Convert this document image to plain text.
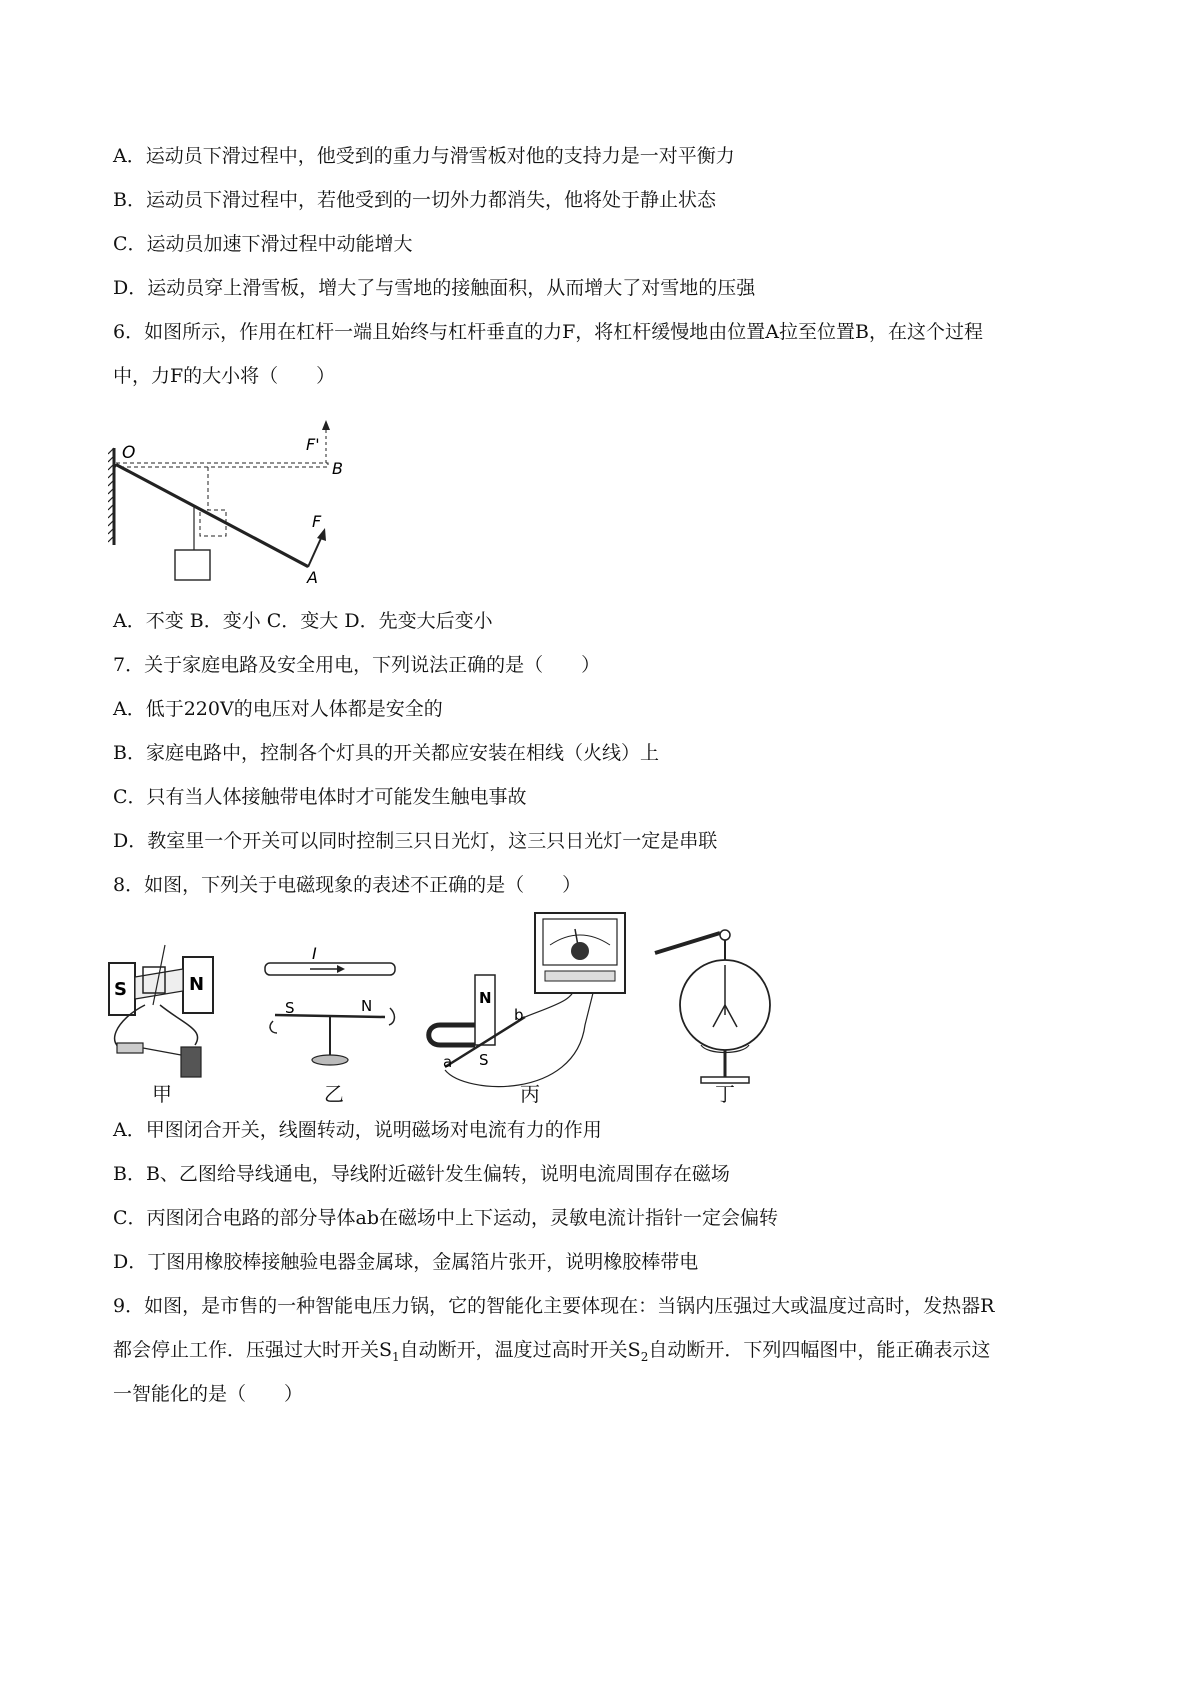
A．运动员下滑过程中，他受到的重力与滑雪板对他的支持力是一对平衡力
B．运动员下滑过程中，若他受到的一切外力都消失，他将处于静止状态
C．运动员加速下滑过程中动能增大
D．运动员穿上滑雪板，增大了与雪地的接触面积，从而增大了对雪地的压强
6．如图所示，作用在杠杆一端且始终与杠杆垂直的力F，将杠杆缓慢地由位置A拉至位置B，在这个过程
中，力F的大小将（　　）
O
B
F'
F
A
A．不变 B．变小 C．变大 D．先变大后变小
7．关于家庭电路及安全用电，下列说法正确的是（　　）
A．低于220V的电压对人体都是安全的
B．家庭电路中，控制各个灯具的开关都应安装在相线（火线）上
C．只有当人体接触带电体时才可能发生触电事故
D．教室里一个开关可以同时控制三只日光灯，这三只日光灯一定是串联
8．如图，下列关于电磁现象的表述不正确的是（　　）
S	N
I
S	N	N
S
a
b
甲	乙	丙	丁
A．甲图闭合开关，线圈转动，说明磁场对电流有力的作用
B．B、乙图给导线通电，导线附近磁针发生偏转，说明电流周围存在磁场
C．丙图闭合电路的部分导体ab在磁场中上下运动，灵敏电流计指针一定会偏转
D．丁图用橡胶棒接触验电器金属球，金属箔片张开，说明橡胶棒带电
9．如图，是市售的一种智能电压力锅，它的智能化主要体现在：当锅内压强过大或温度过高时，发热器R
都会停止工作．压强过大时开关$S_1$自动断开，温度过高时开关$S_2$自动断开．下列四幅图中，能正确表示这
一智能化的是（　　）
